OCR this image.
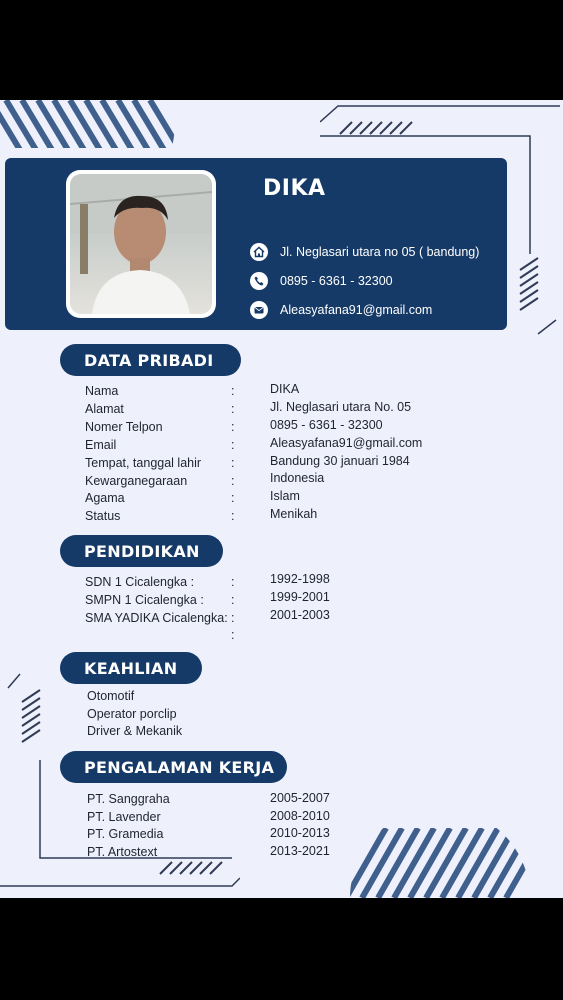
DIKA
Jl. Neglasari utara no 05 ( bandung)
0895 - 6361 - 32300
Aleasyafana91@gmail.com
DATA PRIBADI
Nama	:	DIKA
Alamat	:	Jl. Neglasari utara No. 05
Nomer Telpon	:	0895 - 6361 - 32300
Email	:	Aleasyafana91@gmail.com
Tempat, tanggal lahir :	Bandung 30 januari 1984
Kewarganegaraan	:	Indonesia
Agama	:	Islam
Status	:	Menikah
PENDIDIKAN
SDN 1 Cicalengka :	:	1992-1998
SMPN 1 Cicalengka : :	1999-2001
SMA YADIKA Cicalengka: :	2001-2003
:
KEAHLIAN
Otomotif
Operator porclip
Driver & Mekanik
PENGALAMAN KERJA
PT. Sanggraha	2005-2007
PT. Lavender	2008-2010
PT. Gramedia	2010-2013
PT. Artostext	2013-2021
